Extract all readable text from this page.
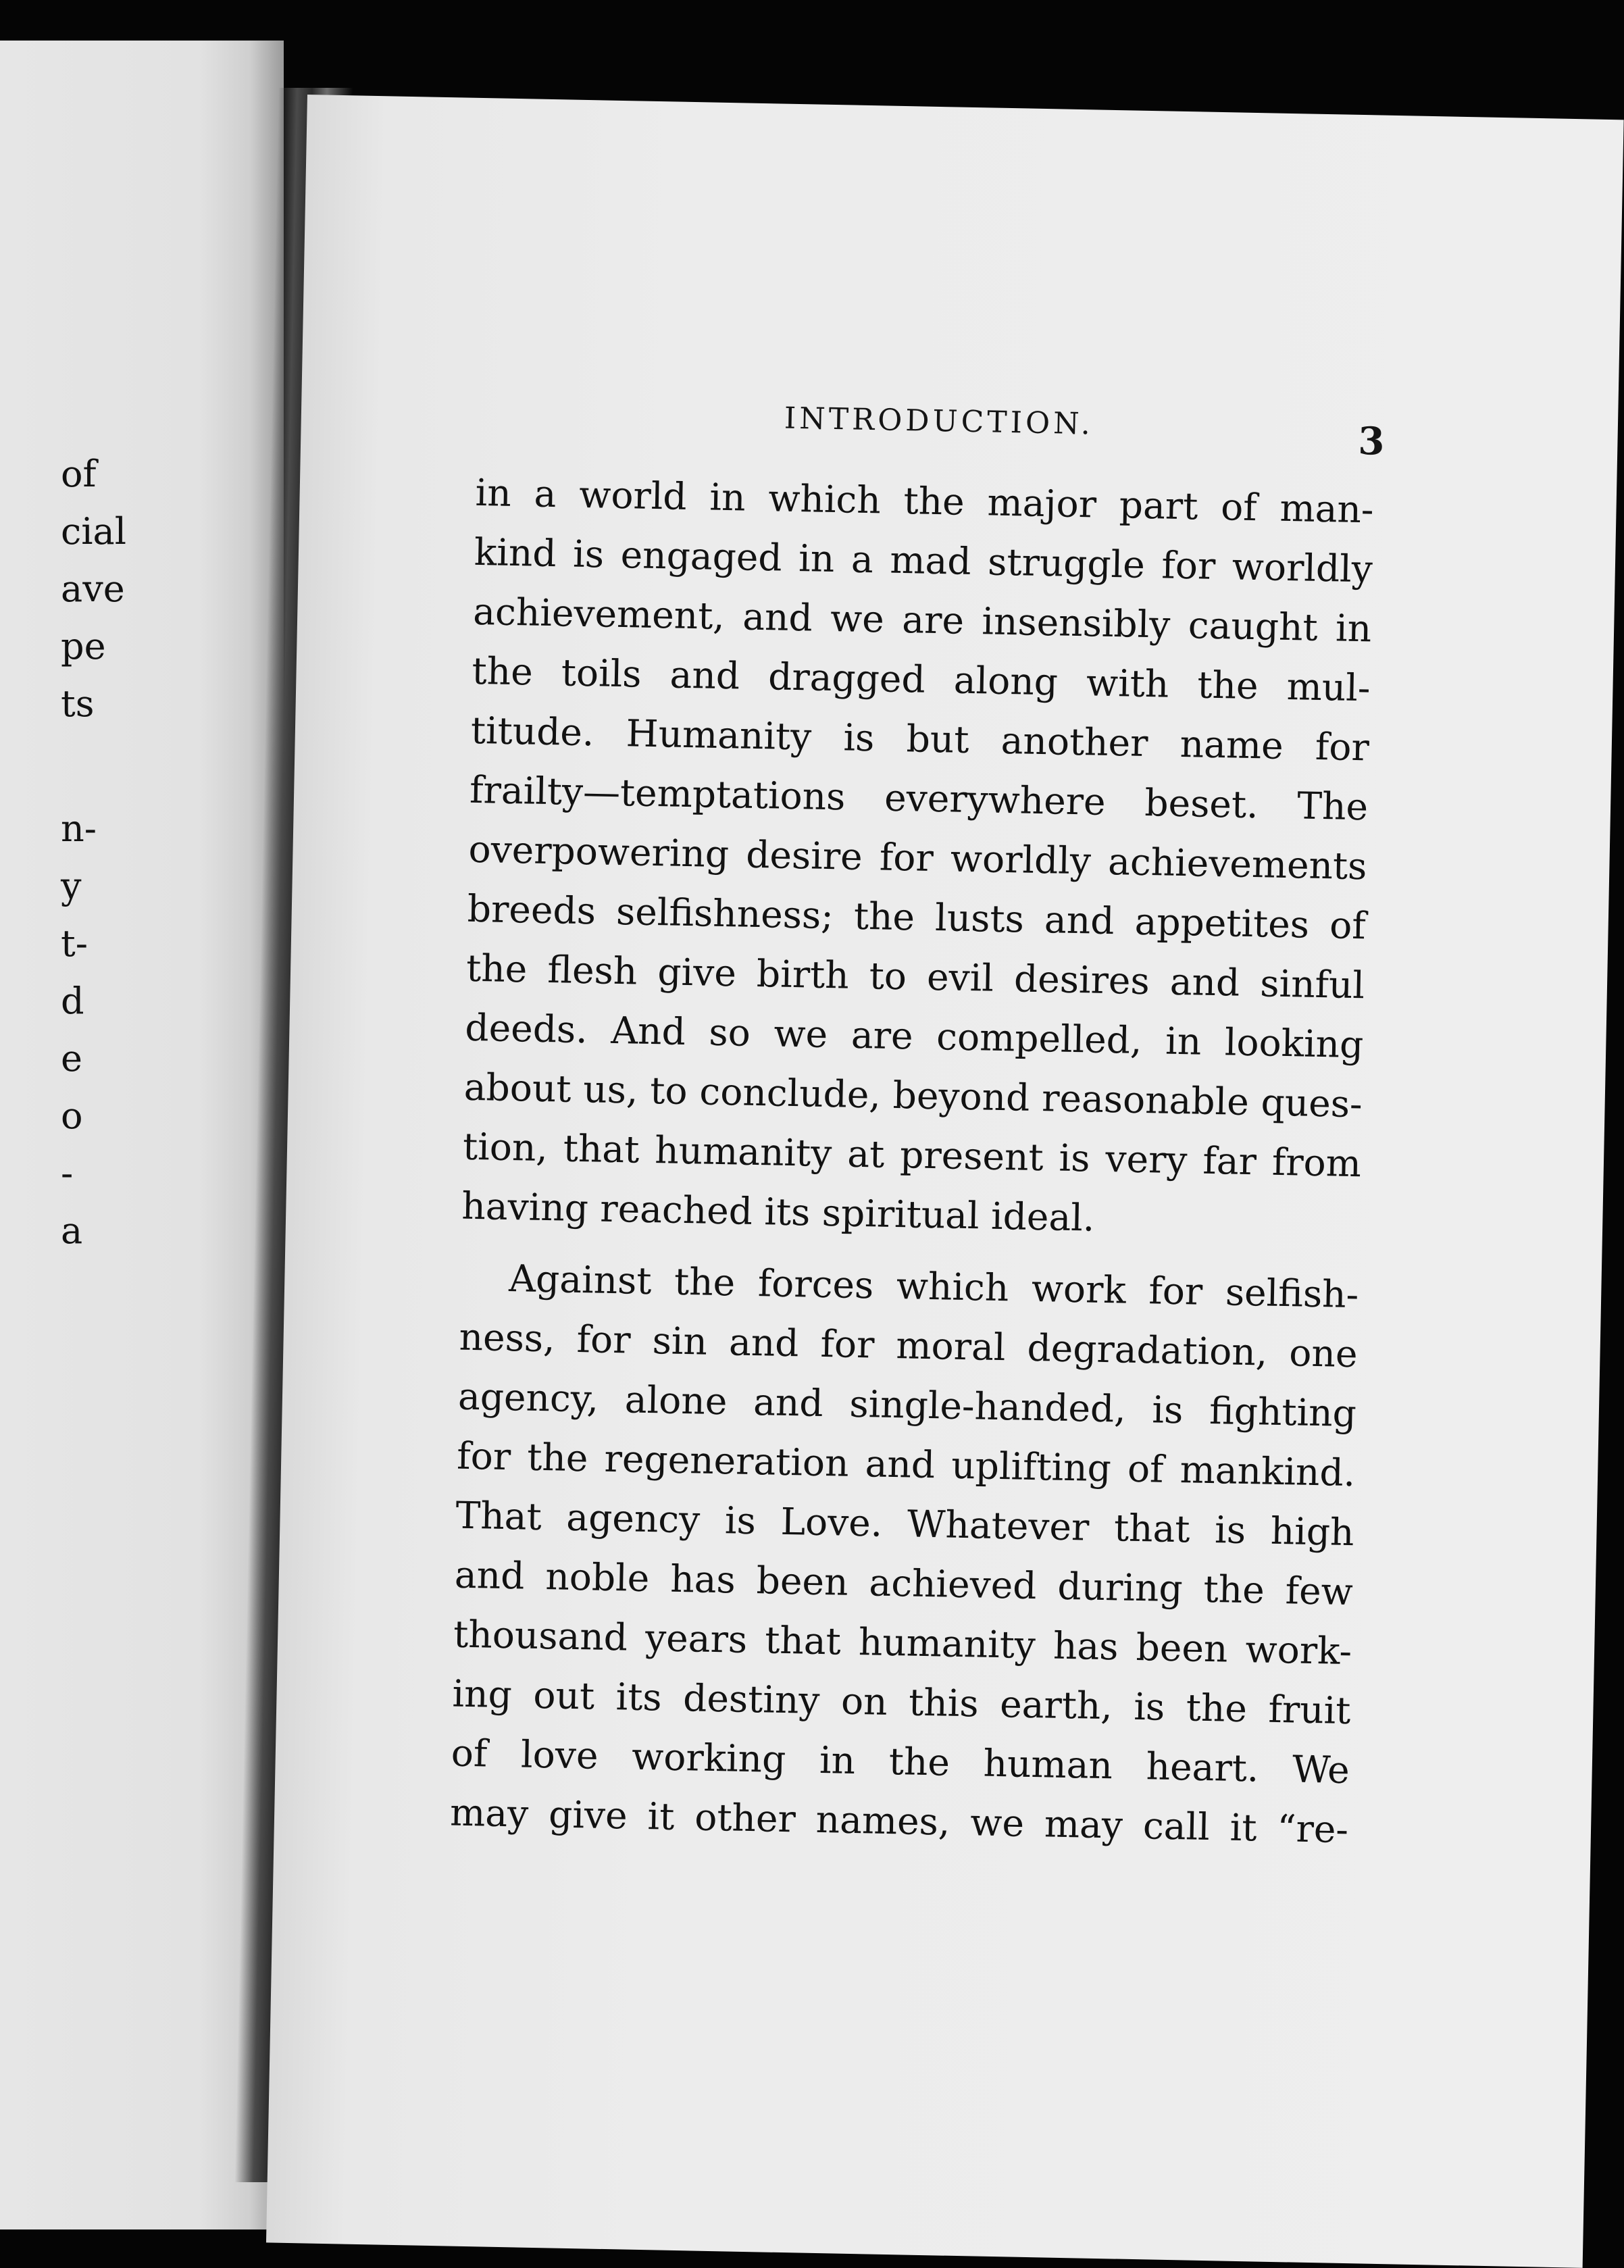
of
cial
ave
pe
ts
n-
y
t-
d
e
o
-
a
INTRODUCTION.	3
in a world in which the major part of man-
kind is engaged in a mad struggle for worldly
achievement, and we are insensibly caught in
the toils and dragged along with the mul-
titude. Humanity is but another name for
frailty—temptations everywhere beset. The
overpowering desire for worldly achievements
breeds selfishness; the lusts and appetites of
the flesh give birth to evil desires and sinful
deeds. And so we are compelled, in looking
about us, to conclude, beyond reasonable ques-
tion, that humanity at present is very far from
having reached its spiritual ideal.
Against the forces which work for selfish-
ness, for sin and for moral degradation, one
agency, alone and single-handed, is fighting
for the regeneration and uplifting of mankind.
That agency is Love. Whatever that is high
and noble has been achieved during the few
thousand years that humanity has been work-
ing out its destiny on this earth, is the fruit
of love working in the human heart. We
may give it other names, we may call it “re-
